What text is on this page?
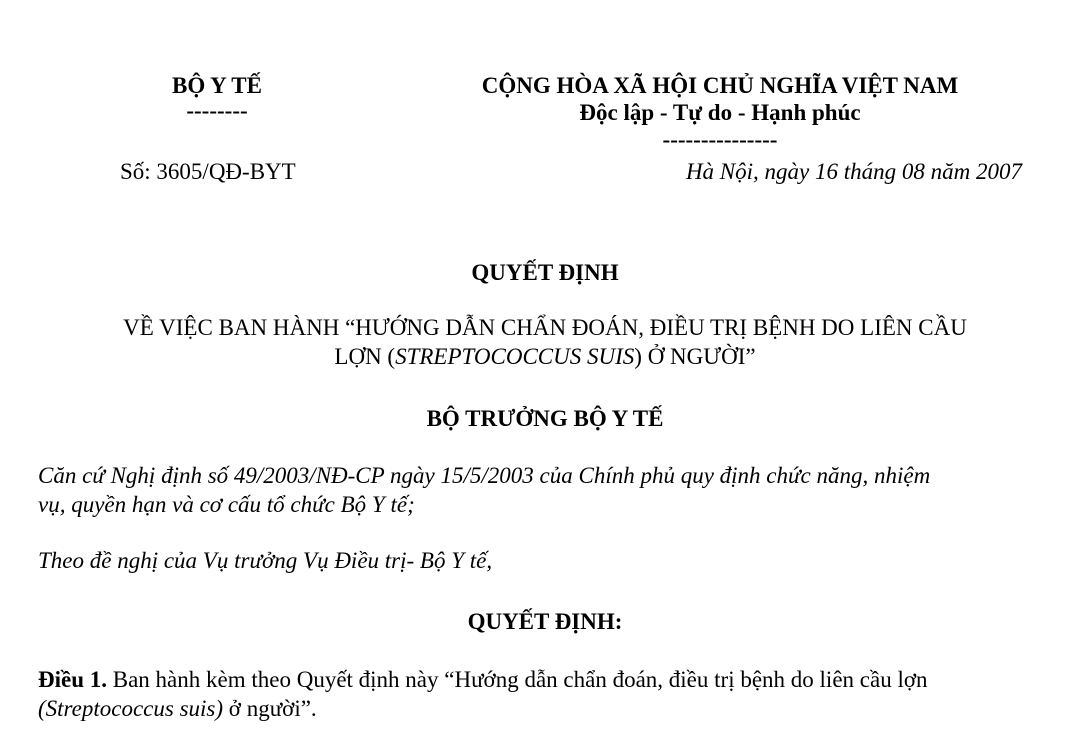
BỘ Y TẾ
--------
CỘNG HÒA XÃ HỘI CHỦ NGHĨA VIỆT NAM
Độc lập - Tự do - Hạnh phúc
---------------
Số: 3605/QĐ-BYT	Hà Nội, ngày 16 tháng 08 năm 2007
QUYẾT ĐỊNH
VỀ VIỆC BAN HÀNH “HƯỚNG DẪN CHẨN ĐOÁN, ĐIỀU TRỊ BỆNH DO LIÊN CẦU
LỢN (STREPTOCOCCUS SUIS) Ở NGƯỜI”
BỘ TRƯỞNG BỘ Y TẾ
Căn cứ Nghị định số 49/2003/NĐ-CP ngày 15/5/2003 của Chính phủ quy định chức năng, nhiệm
vụ, quyền hạn và cơ cấu tổ chức Bộ Y tế;
Theo đề nghị của Vụ trưởng Vụ Điều trị- Bộ Y tế,
QUYẾT ĐỊNH:
Điều 1. Ban hành kèm theo Quyết định này “Hướng dẫn chẩn đoán, điều trị bệnh do liên cầu lợn
(Streptococcus suis) ở người”.
